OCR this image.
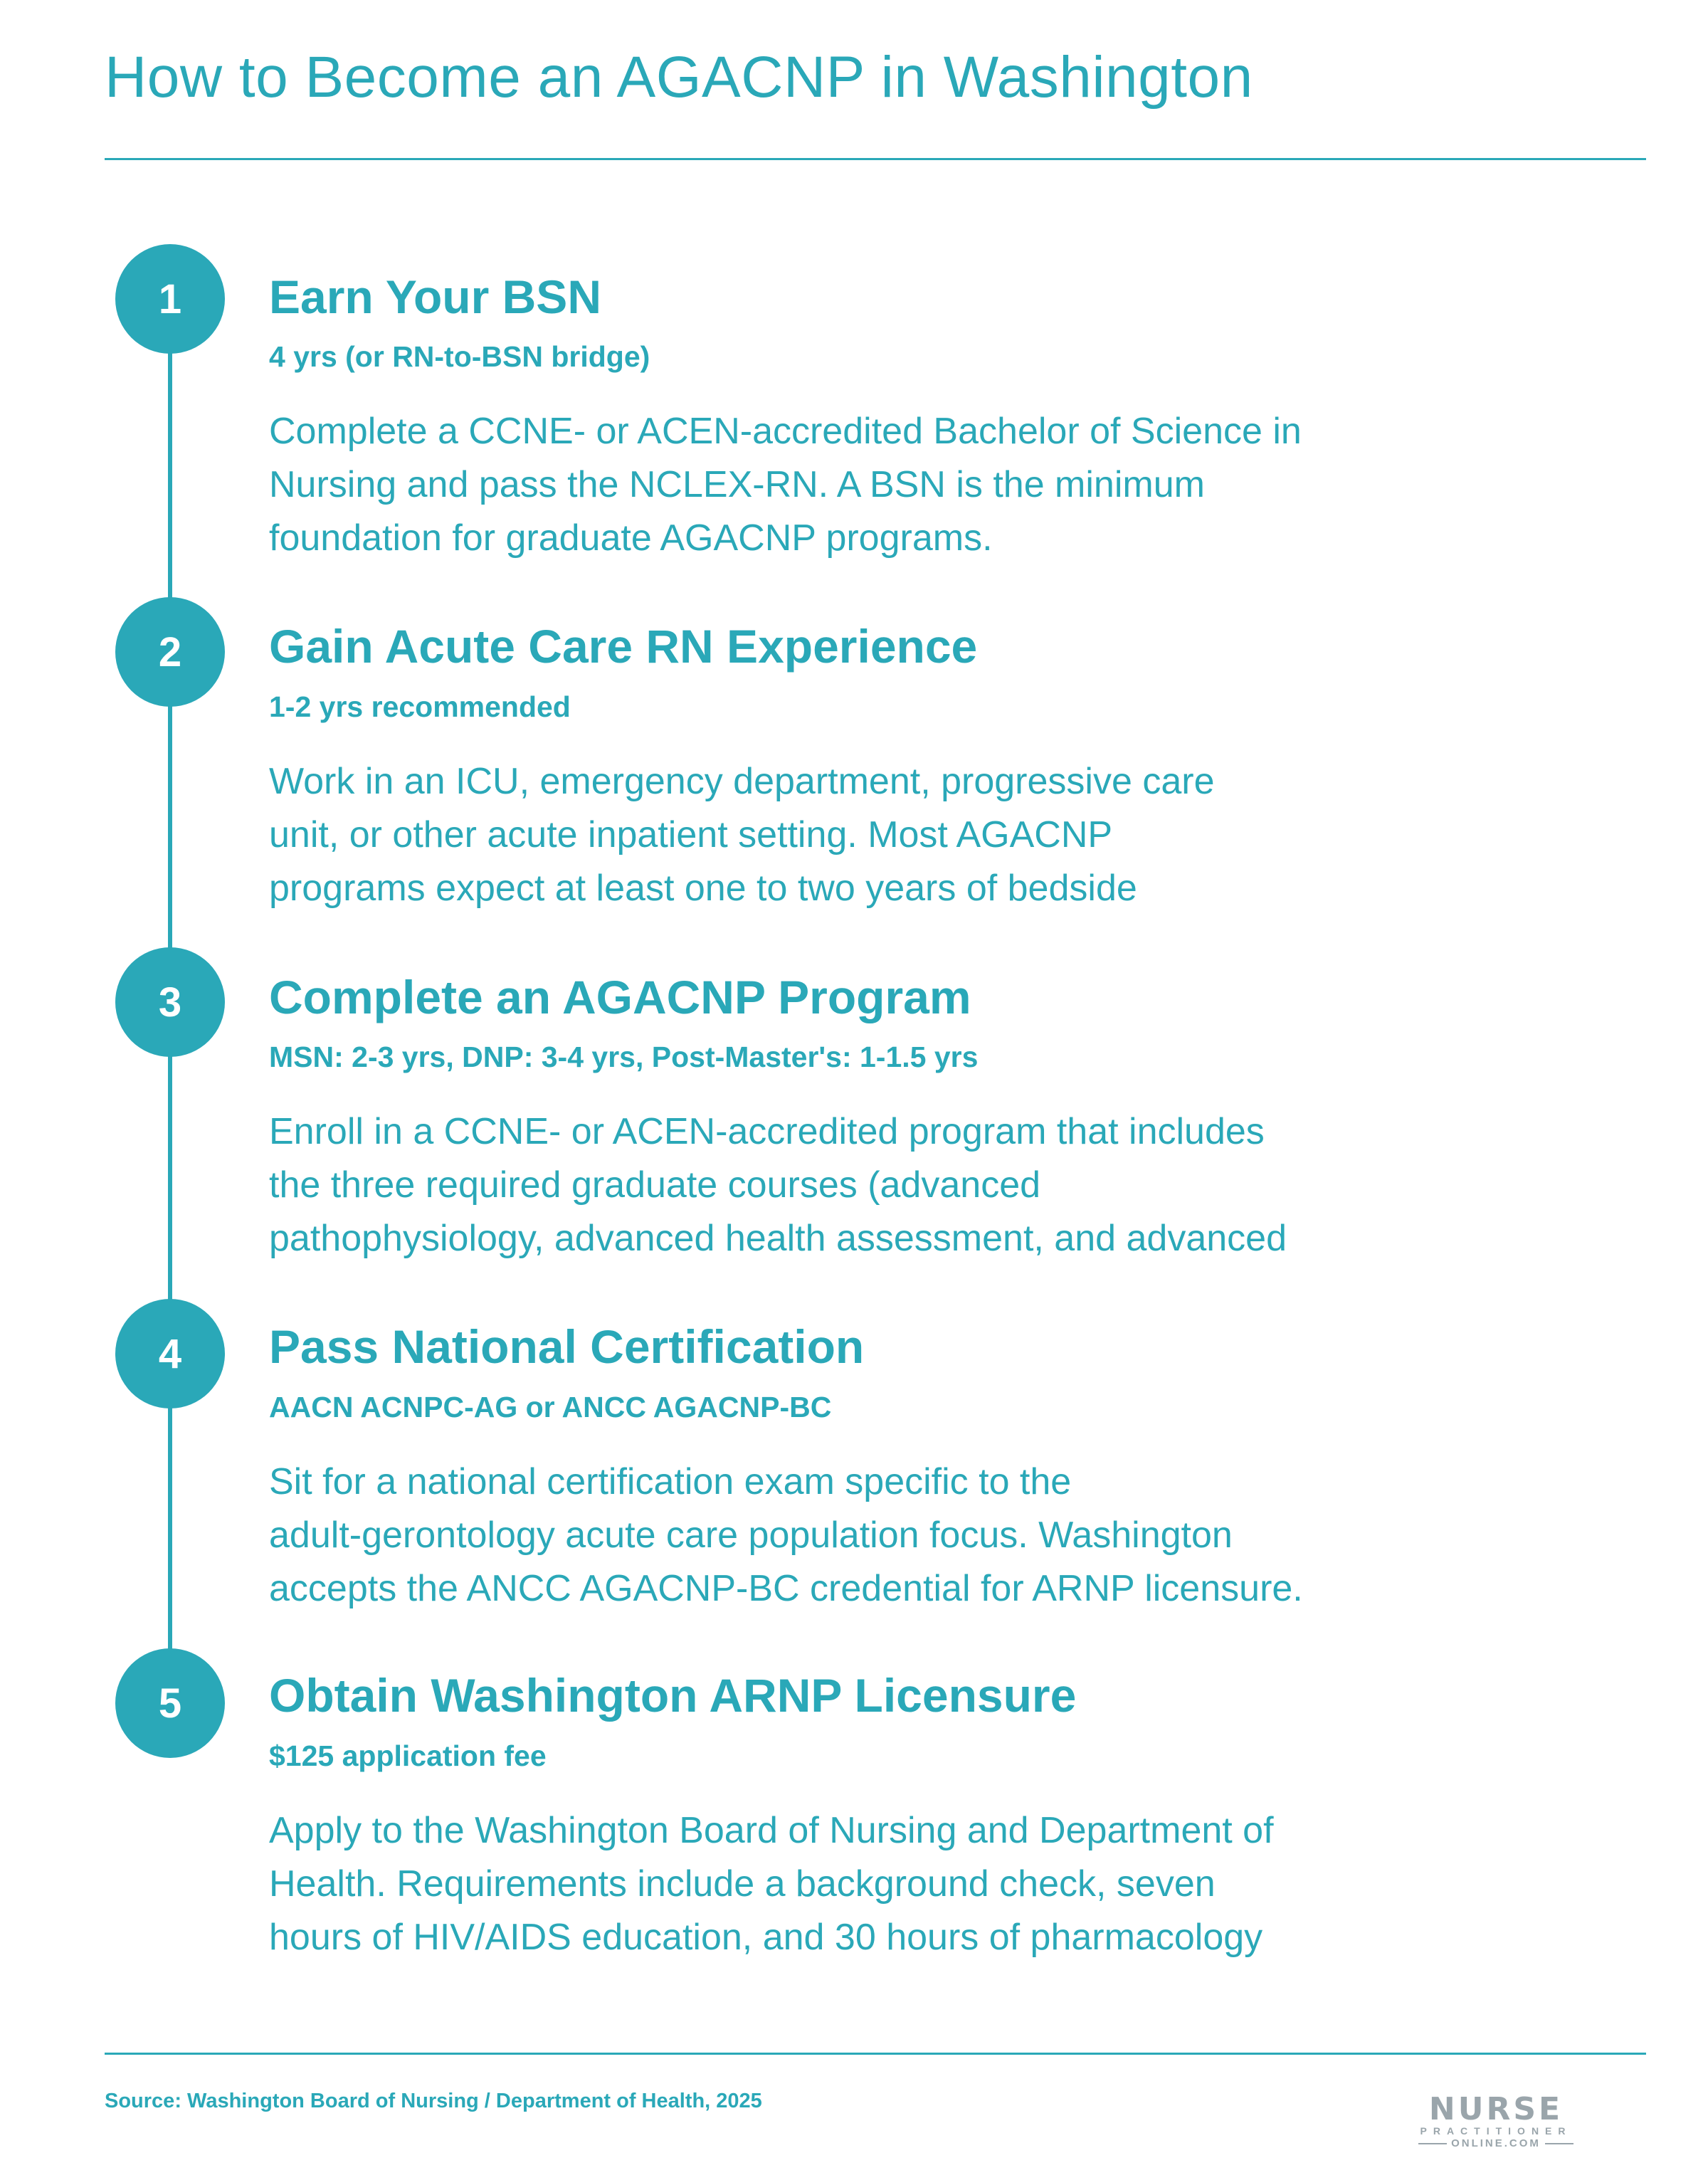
How to Become an AGACNP in Washington
1	Earn Your BSN
4 yrs (or RN-to-BSN bridge)
Complete a CCNE- or ACEN-accredited Bachelor of Science in
Nursing and pass the NCLEX-RN. A BSN is the minimum
foundation for graduate AGACNP programs.
2	Gain Acute Care RN Experience
1-2 yrs recommended
Work in an ICU, emergency department, progressive care
unit, or other acute inpatient setting. Most AGACNP
programs expect at least one to two years of bedside
3	Complete an AGACNP Program
MSN: 2-3 yrs, DNP: 3-4 yrs, Post-Master's: 1-1.5 yrs
Enroll in a CCNE- or ACEN-accredited program that includes
the three required graduate courses (advanced
pathophysiology, advanced health assessment, and advanced
4	Pass National Certification
AACN ACNPC-AG or ANCC AGACNP-BC
Sit for a national certification exam specific to the
adult-gerontology acute care population focus. Washington
accepts the ANCC AGACNP-BC credential for ARNP licensure.
5	Obtain Washington ARNP Licensure
$125 application fee
Apply to the Washington Board of Nursing and Department of
Health. Requirements include a background check, seven
hours of HIV/AIDS education, and 30 hours of pharmacology
Source: Washington Board of Nursing / Department of Health, 2025	NURSE
PRACTITIONER
ONLINE.COM
